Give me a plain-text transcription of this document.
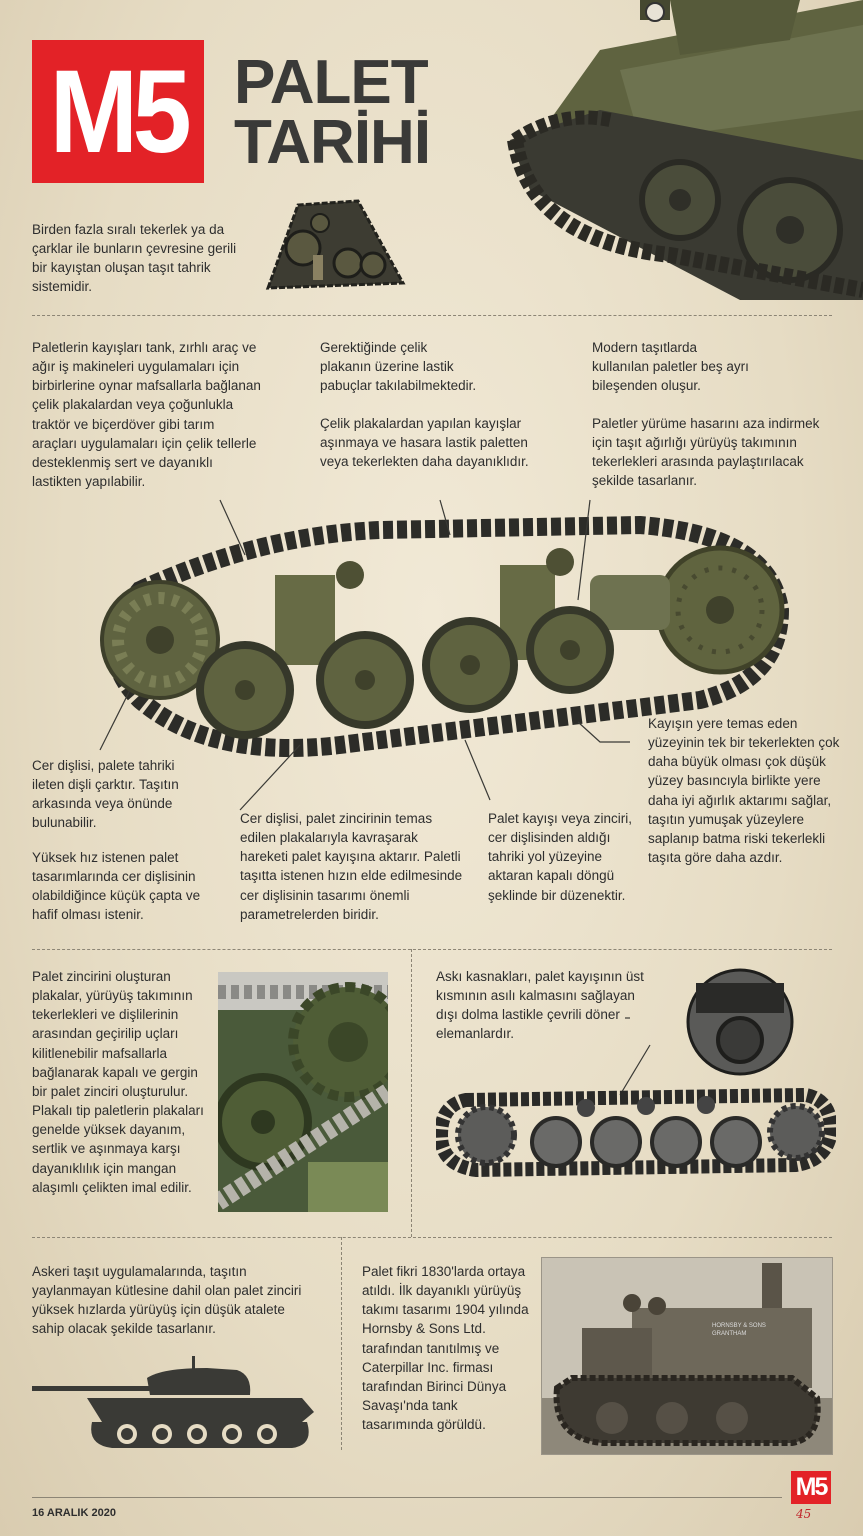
M5 PALET
TARİHİ
Birden fazla sıralı tekerlek ya da çarklar ile bunların çevresine gerili bir kayıştan oluşan taşıt tahrik sistemidir.
Paletlerin kayışları tank, zırhlı araç ve ağır iş makineleri uygulamaları için birbirlerine oynar mafsallarla bağlanan çelik plakalardan veya çoğunlukla traktör ve biçerdöver gibi tarım araçları uygulamaları için çelik tellerle desteklenmiş sert ve dayanıklı lastikten yapılabilir.
Gerektiğinde çelik plakanın üzerine lastik pabuçlar takılabilmektedir.
Çelik plakalardan yapılan kayışlar aşınmaya ve hasara lastik paletten veya tekerlekten daha dayanıklıdır.
Modern taşıtlarda kullanılan paletler beş ayrı bileşenden oluşur.
Paletler yürüme hasarını aza indirmek için taşıt ağırlığı yürüyüş takımının tekerlekleri arasında paylaştırılacak şekilde tasarlanır.
Cer dişlisi, palete tahriki ileten dişli çarktır. Taşıtın arkasında veya önünde bulunabilir.
Yüksek hız istenen palet tasarımlarında cer dişlisinin olabildiğince küçük çapta ve hafif olması istenir.
Cer dişlisi, palet zincirinin temas edilen plakalarıyla kavraşarak hareketi palet kayışına aktarır. Paletli taşıtta istenen hızın elde edilmesinde cer dişlisinin tasarımı önemli parametrelerden biridir.
Palet kayışı veya zinciri, cer dişlisinden aldığı tahriki yol yüzeyine aktaran kapalı döngü şeklinde bir düzenektir.
Kayışın yere temas eden yüzeyinin tek bir tekerlekten çok daha büyük olması çok düşük yüzey basıncıyla birlikte yere daha iyi ağırlık aktarımı sağlar, taşıtın yumuşak yüzeylere saplanıp batma riski tekerlekli taşıta göre daha azdır.
Palet zincirini oluşturan plakalar, yürüyüş takımının tekerlekleri ve dişlilerinin arasından geçirilip uçları kilitlenebilir mafsallarla bağlanarak kapalı ve gergin bir palet zinciri oluşturulur. Plakalı tip paletlerin plakaları genelde yüksek dayanım, sertlik ve aşınmaya karşı dayanıklılık için mangan alaşımlı çelikten imal edilir.
Askı kasnakları, palet kayışının üst kısmının asılı kalmasını sağlayan dışı dolma lastikle çevrili döner elemanlardır.
Askeri taşıt uygulamalarında, taşıtın yaylanmayan kütlesine dahil olan palet zinciri yüksek hızlarda yürüyüş için düşük atalete sahip olacak şekilde tasarlanır.
Palet fikri 1830'larda ortaya atıldı. İlk dayanıklı yürüyüş takımı tasarımı 1904 yılında Hornsby & Sons Ltd. tarafından tanıtılmış ve Caterpillar Inc. firması tarafından Birinci Dünya Savaşı'nda tank tasarımında görüldü.
HORNSBY & SONS GRANTHAM
16 ARALIK 2020
M5
45
